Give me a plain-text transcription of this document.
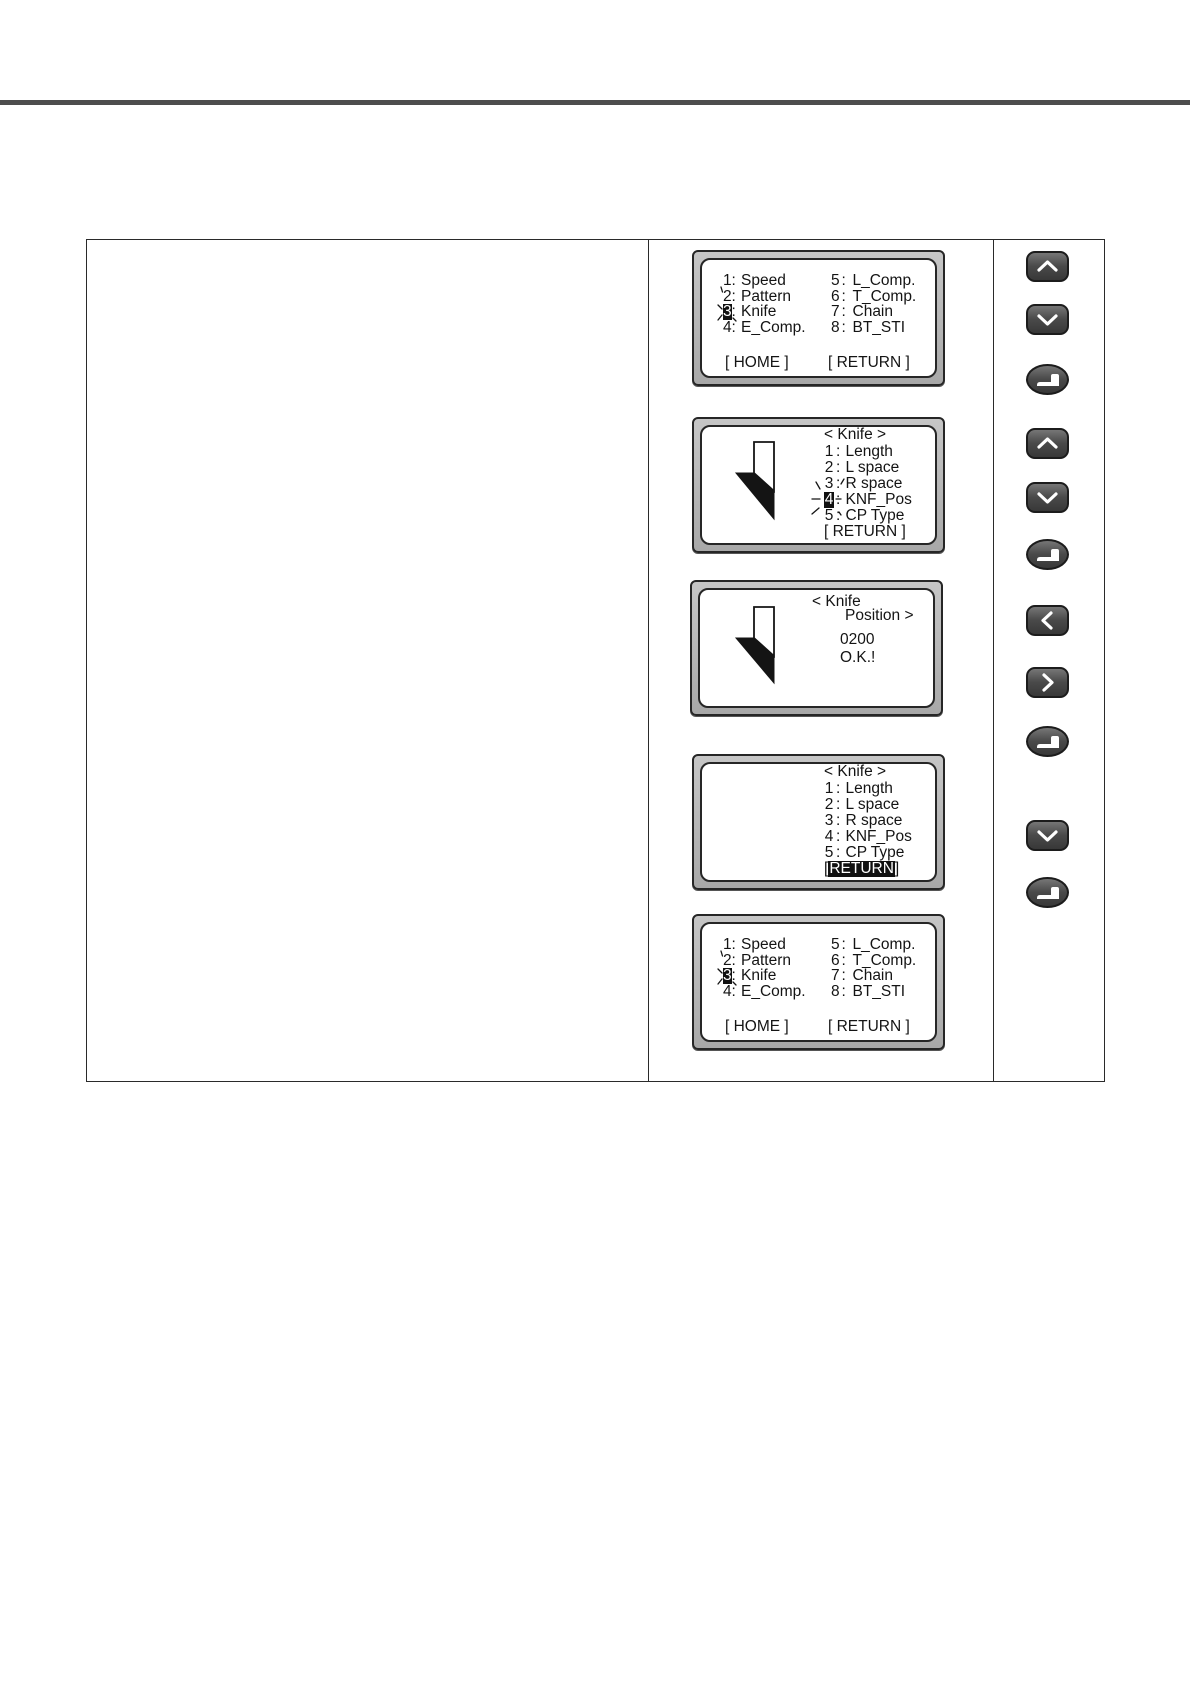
1 : Speed
2 : Pattern
3 : Knife
4 : E_Comp.
5 : L_Comp.
6 : T_Comp.
7 : Chain
8 : BT_STI
[ HOME ]	[ RETURN ]
< Knife >
1 : Length
2 : L space
3 : R space
4 : KNF_Pos
5 : CP Type
[ RETURN ]
< Knife
Position >
0200
O.K.!
< Knife >
1 : Length
2 : L space
3 : R space
4 : KNF_Pos
5 : CP Type
[ RETURN ]
1 : Speed
2 : Pattern
3 : Knife
4 : E_Comp.
5 : L_Comp.
6 : T_Comp.
7 : Chain
8 : BT_STI
[ HOME ]	[ RETURN ]
